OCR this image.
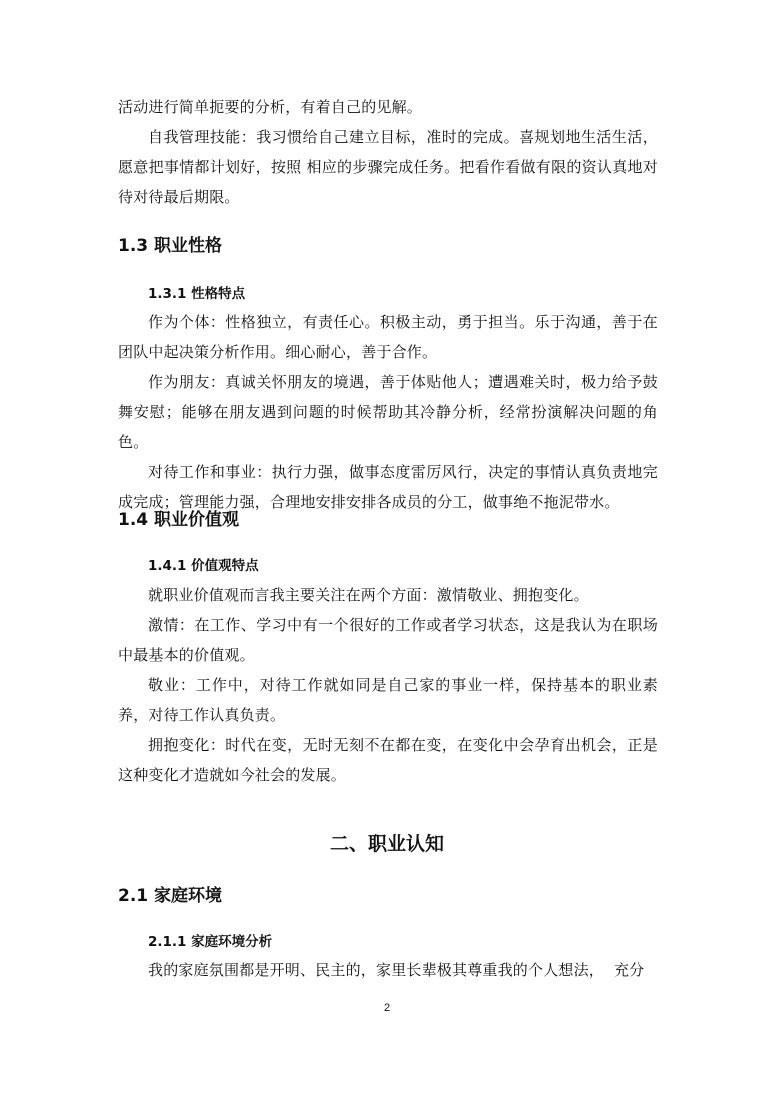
活动进行简单扼要的分析，有着自己的见解。

自我管理技能：我习惯给自己建立目标，准时的完成。喜规划地生活生活，愿意把事情都计划好，按照 相应的步骤完成任务。把看作看做有限的资认真地对待对待最后期限。

1.3 职业性格
1.3.1 性格特点

作为个体：性格独立，有责任心。积极主动，勇于担当。乐于沟通，善于在团队中起决策分析作用。细心耐心，善于合作。

作为朋友：真诚关怀朋友的境遇，善于体贴他人；遭遇难关时，极力给予鼓舞安慰；能够在朋友遇到问题的时候帮助其冷静分析，经常扮演解决问题的角色。

对待工作和事业：执行力强，做事态度雷厉风行，决定的事情认真负责地完成完成；管理能力强，合理地安排安排各成员的分工，做事绝不拖泥带水。

1.4 职业价值观
1.4.1 价值观特点

就职业价值观而言我主要关注在两个方面：激情敬业、拥抱变化。

激情：在工作、学习中有一个很好的工作或者学习状态，这是我认为在职场中最基本的价值观。

敬业：工作中，对待工作就如同是自己家的事业一样，保持基本的职业素养，对待工作认真负责。

拥抱变化：时代在变，无时无刻不在都在变，在变化中会孕育出机会，正是这种变化才造就如今社会的发展。

二、职业认知
2.1 家庭环境
2.1.1 家庭环境分析

我的家庭氛围都是开明、民主的，家里长辈极其尊重我的个人想法，  充分

2
